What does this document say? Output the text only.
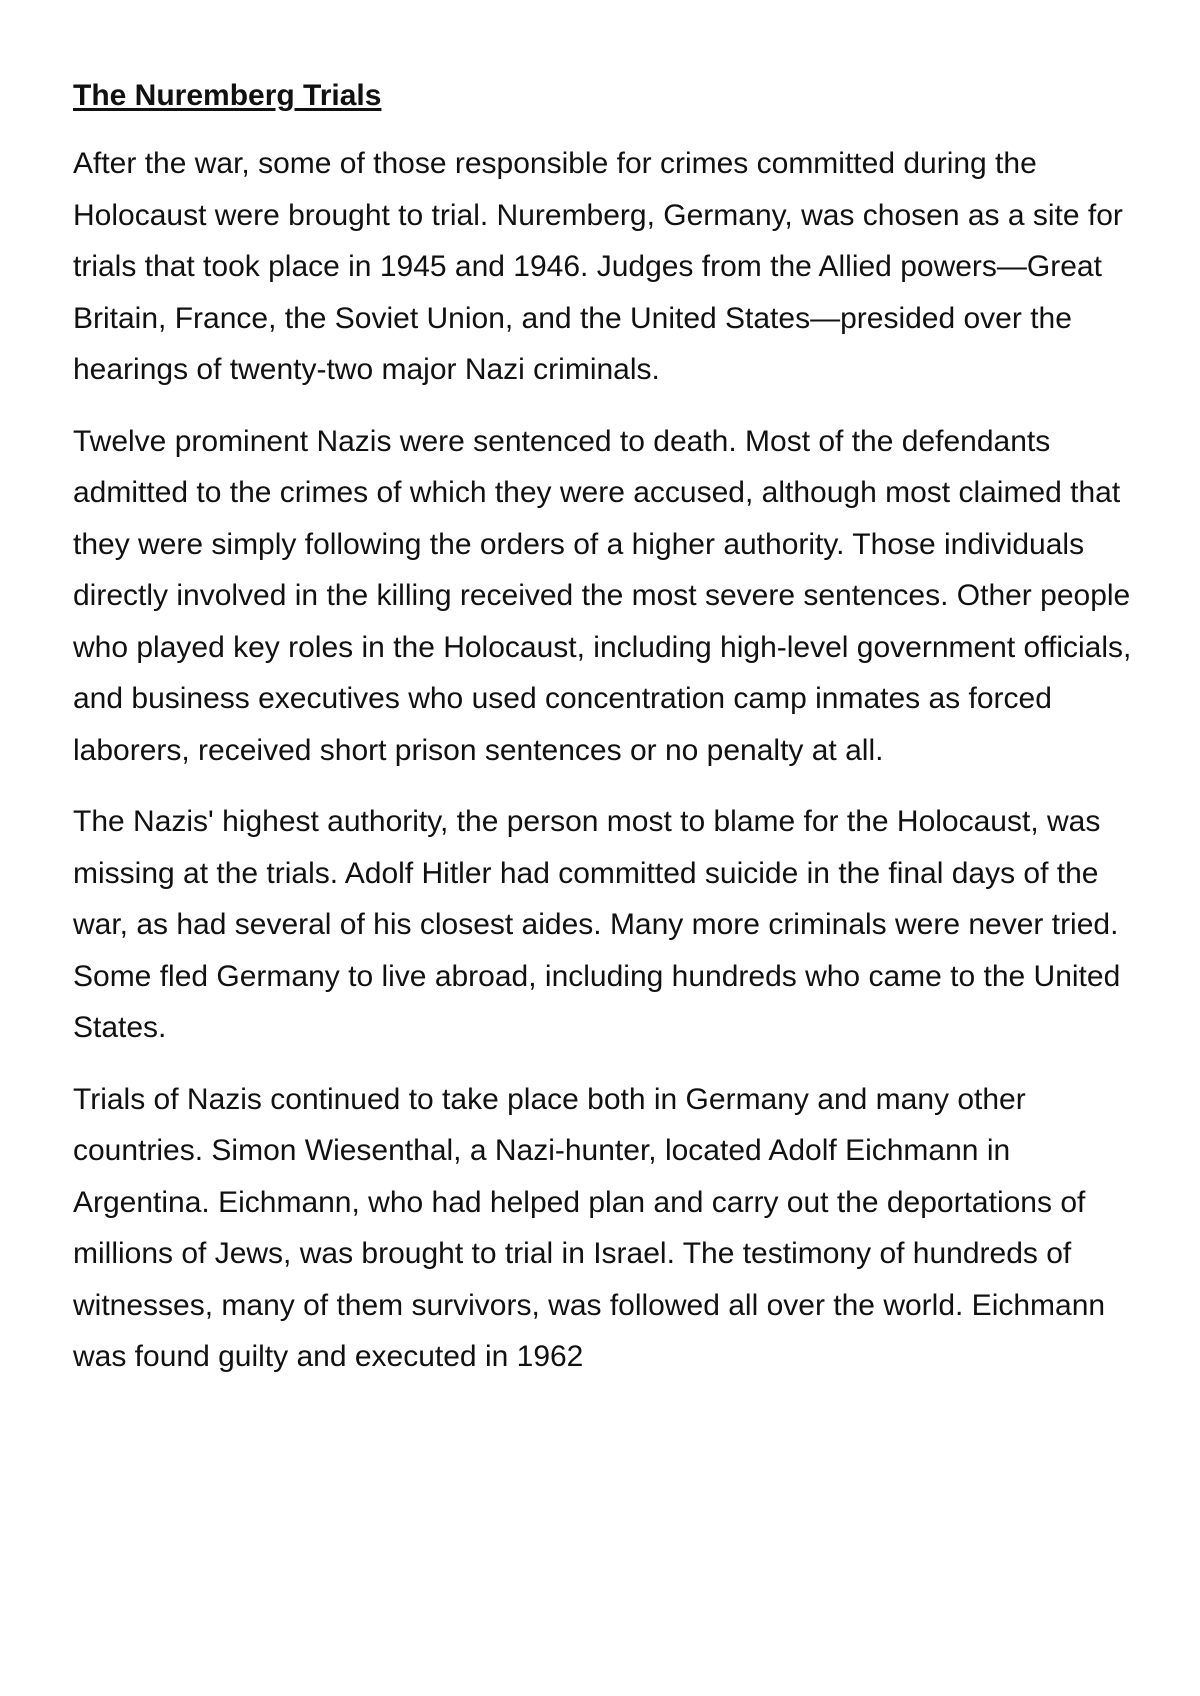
The Nuremberg Trials

After the war, some of those responsible for crimes committed during the Holocaust were brought to trial. Nuremberg, Germany, was chosen as a site for trials that took place in 1945 and 1946. Judges from the Allied powers—Great Britain, France, the Soviet Union, and the United States—presided over the hearings of twenty-two major Nazi criminals.

Twelve prominent Nazis were sentenced to death. Most of the defendants admitted to the crimes of which they were accused, although most claimed that they were simply following the orders of a higher authority. Those individuals directly involved in the killing received the most severe sentences. Other people who played key roles in the Holocaust, including high-level government officials, and business executives who used concentration camp inmates as forced laborers, received short prison sentences or no penalty at all.

The Nazis' highest authority, the person most to blame for the Holocaust, was missing at the trials. Adolf Hitler had committed suicide in the final days of the war, as had several of his closest aides. Many more criminals were never tried. Some fled Germany to live abroad, including hundreds who came to the United States.

Trials of Nazis continued to take place both in Germany and many other countries. Simon Wiesenthal, a Nazi-hunter, located Adolf Eichmann in Argentina. Eichmann, who had helped plan and carry out the deportations of millions of Jews, was brought to trial in Israel. The testimony of hundreds of witnesses, many of them survivors, was followed all over the world. Eichmann was found guilty and executed in 1962
